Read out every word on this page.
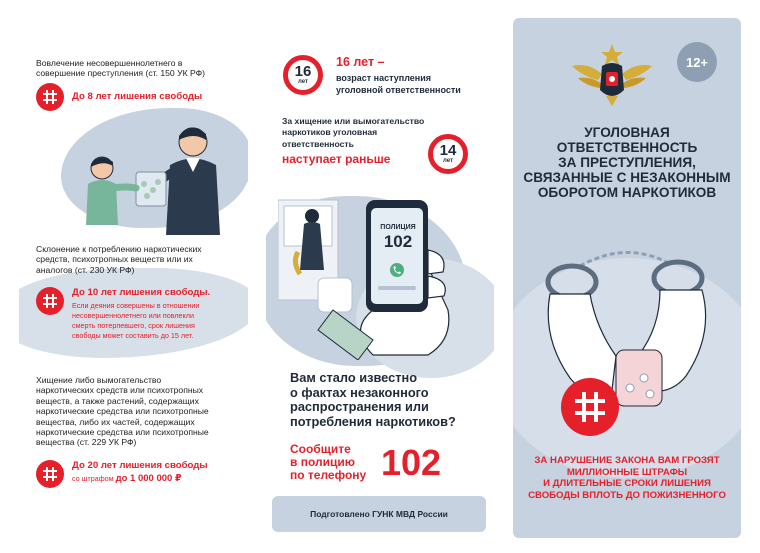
Вовлечение несовершеннолетнего в
совершение преступления (ст. 150 УК РФ)
До 8 лет лишения свободы
Склонение к потреблению наркотических
средств, психотропных веществ или их
аналогов (ст. 230 УК РФ)
До 10 лет лишения свободы.
Если деяния совершены в отношении
несовершеннолетнего или повлекли
смерть потерпевшего, срок лишения
свободы может составить до 15 лет.
Хищение либо вымогательство
наркотических средств или психотропных
веществ, а также растений, содержащих
наркотические средства или психотропные
вещества, либо их частей, содержащих
наркотические средства или психотропные
вещества (ст. 229 УК РФ)
До 20 лет лишения свободы
со штрафом до 1 000 000 ₽
16
лет
16 лет –
возраст наступления
уголовной ответственности
За хищение или вымогательство
наркотиков уголовная
ответственность
наступает раньше
14
лет
ПОЛИЦИЯ
102
Вам стало известно
о фактах незаконного
распространения или
потребления наркотиков?
Сообщите
в полицию
по телефону 102
Подготовлено ГУНК МВД России
12+
УГОЛОВНАЯ
ОТВЕТСТВЕННОСТЬ
ЗА ПРЕСТУПЛЕНИЯ,
СВЯЗАННЫЕ С НЕЗАКОННЫМ
ОБОРОТОМ НАРКОТИКОВ
ЗА НАРУШЕНИЕ ЗАКОНА ВАМ ГРОЗЯТ
МИЛЛИОННЫЕ ШТРАФЫ
И ДЛИТЕЛЬНЫЕ СРОКИ ЛИШЕНИЯ
СВОБОДЫ ВПЛОТЬ ДО ПОЖИЗНЕННОГО
